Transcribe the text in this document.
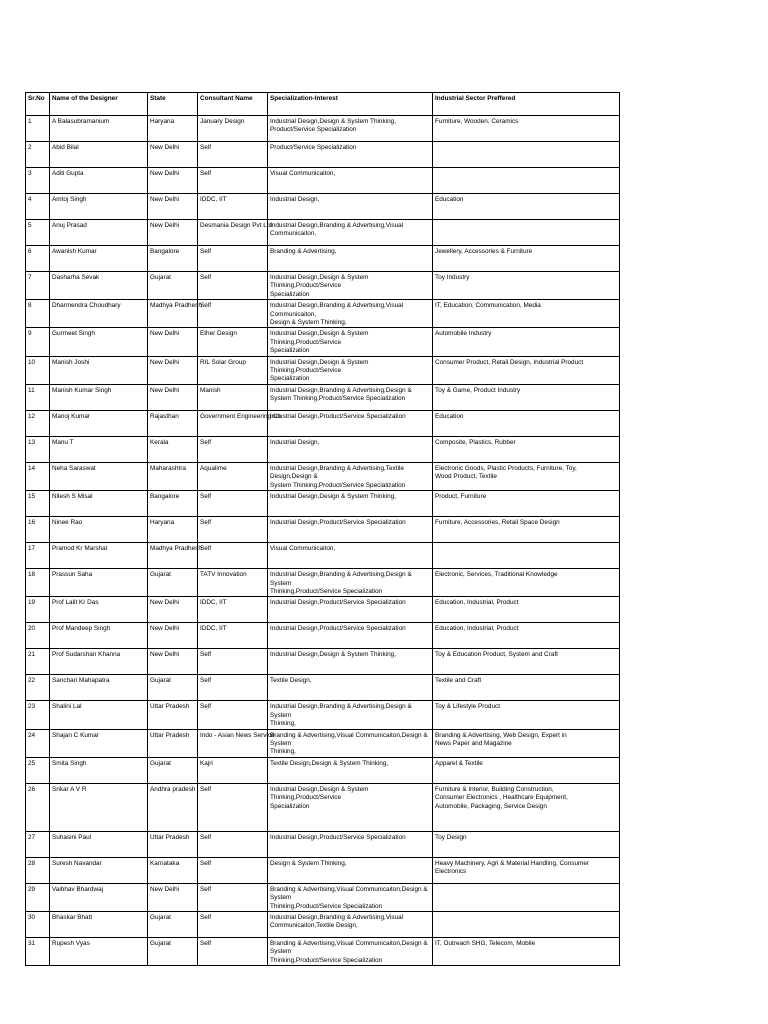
Sr.No	Name of the Designer	State	Consultant Name	Specialization-Interest	Industrial Sector Preffered
1	A Balasubramanium	Haryana	January Design	Industrial Design,Design & System Thinking,
Product/Service Specialization	Furniture, Wooden, Ceramics
2	Abid Bilal	New Delhi	Self	Product/Service Specialization	
3	Aditi Gupta	New Delhi	Self	Visual Communicaiton,	
4	Amtoj Singh	New Delhi	IDDC, IIT	Industrial Design,	Education
5	Anuj Prasad	New Delhi	Desmania Design Pvt Ltd	Industrial Design,Branding & Advertising,Visual Communicaiton,	
6	Awanish Kumar	Bangalore	Self	Branding & Advertising,	Jewellery, Accessories & Furniture
7	Dasharha Sevak	Gujarat	Self	Industrial Design,Design & System Thinking,Product/Service
Specialization	Toy Industry
8	Dharmendra Choudhary	Madhya Pradhesh	Self	Industrial Design,Branding & Advertising,Visual Communicaiton,
Design & System Thinking,	IT, Education, Communication, Media
9	Gurmeet Singh	New Delhi	Ether Design	Industrial Design,Design & System Thinking,Product/Service
Specialization	Automobile Industry
10	Manish Joshi	New Delhi	RIL Solar Group	Industrial Design,Design & System Thinking,Product/Service
Specialization	Consumer Product, Retail Design, Industrial Product
11	Manish Kumar Singh	New Delhi	Manish	Industrial Design,Branding & Advertising,Design &
System Thinking,Product/Service Specialization	Toy & Game, Product Industry
12	Manoj Kumar	Rajasthan	Government Engineering Co	Industrial Design,Product/Service Specialization	Education
13	Manu T	Kerala	Self	Industrial Design,	Composite, Plastics, Rubber
14	Neha Saraswat	Maharashtra	Aqualime	Industrial Design,Branding & Advertising,Textile Design,Design &
System Thinking,Product/Service Specialization	Electronic Goods, Plastic Products, Furniture, Toy,
Wood Product, Textile
15	Nilesh S Misal	Bangalore	Self	Industrial Design,Design & System Thinking,	Product, Furniture
16	Ninee Rao	Haryana	Self	Industrial Design,Product/Service Specialization	Furniture, Accessories, Retail Space Design
17	Pramod Kr Marshal	Madhya Pradhesh	Self	Visual Communicaiton,	
18	Prassun Saha	Gujarat	TATV Innovation	Industrial Design,Branding & Advertising,Design & System
Thinking,Product/Service Specialization	Electronic, Services, Traditional Knowledge
19	Prof Lalit Kr Das	New Delhi	IDDC, IIT	Industrial Design,Product/Service Specialization	Education, Industrial, Product
20	Prof Mandeep Singh	New Delhi	IDDC, IIT	Industrial Design,Product/Service Specialization	Education, Industrial, Product
21	Prof Sudarshan Khanna	New Delhi	Self	Industrial Design,Design & System Thinking,	Toy & Education Product, System and Craft
22	Sanchari Mahapatra	Gujarat	Self	Textile Design,	Textile and Craft
23	Shalini Lal	Uttar Pradesh	Self	Industrial Design,Branding & Advertising,Design & System
Thinking,	Toy & Lifestyle Product
24	Shajan C Kumar	Uttar Pradesh	Indo - Asian News Service	Branding & Advertising,Visual Communicaiton,Design & System
Thinking,	Branding & Advertising, Web Design, Expert in
News Paper and Magazine
25	Smita Singh	Gujarat	Kajri	Textile Design,Design & System Thinking,	Apparel & Textile
26	Srikar A V R	Andhra pradesh	Self	Industrial Design,Design & System Thinking,Product/Service
Specialization	Furniture & Interior, Building Construction,
Consumer Electronics , Healthcare Equipment,
Automobile, Packaging, Service Design
27	Suhasini Paul	Uttar Pradesh	Self	Industrial Design,Product/Service Specialization	Toy Design
28	Suresh Navandar	Karnataka	Self	Design & System Thinking,	Heavy Machinery, Agri & Material Handling, Consumer Electronics
29	Vaibhav Bhardwaj	New Delhi	Self	Branding & Advertising,Visual Communicaiton,Design & System
Thinking,Product/Service Specialization	
30	Bhaskar Bhatt	Gujarat	Self	Industrial Design,Branding & Advertising,Visual
Communicaiton,Textile Design,	
31	Rupesh Vyas	Gujarat	Self	Branding & Advertising,Visual Communicaiton,Design & System
Thinking,Product/Service Specialization	IT, Outreach SHG, Telecom, Mobile
